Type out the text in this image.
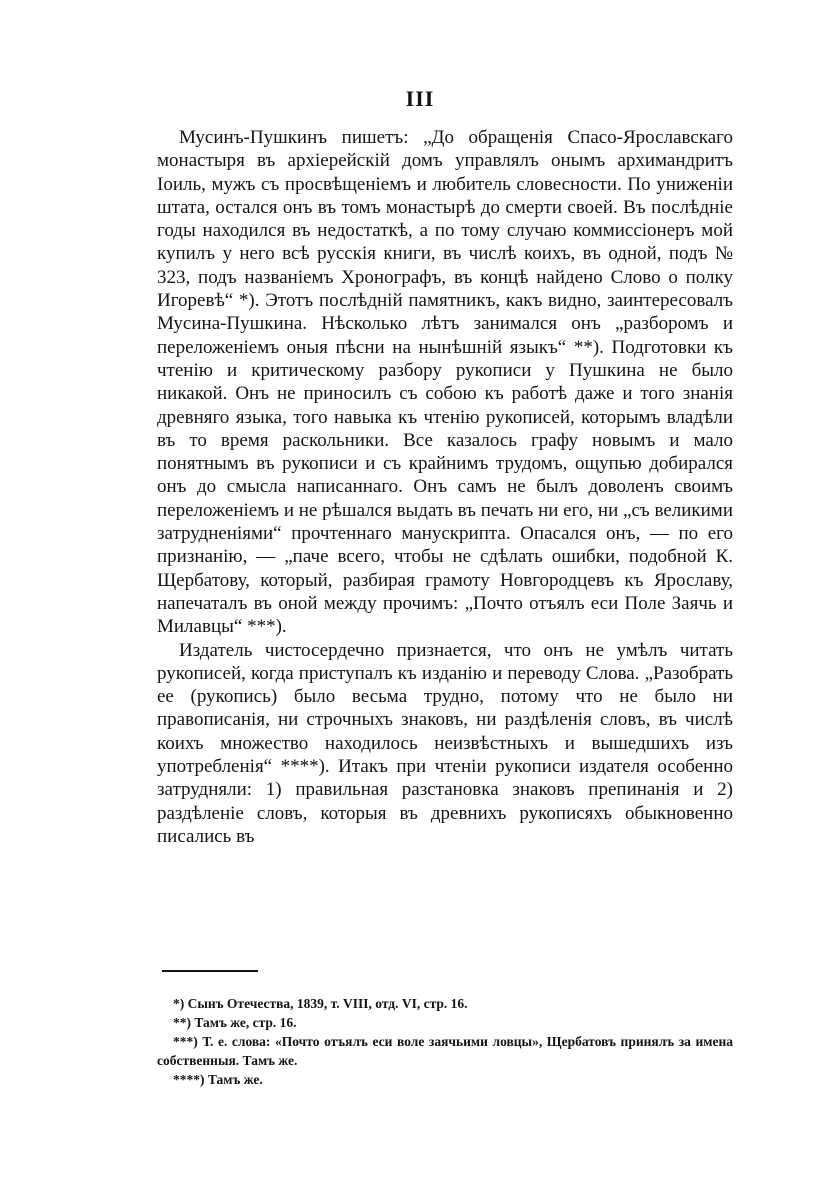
III

Мусинъ-Пушкинъ пишетъ: „До обращенія Спасо-Ярославскаго монастыря въ архіерейскій домъ управлялъ онымъ архимандритъ Іоиль, мужъ съ просвѣщеніемъ и любитель словесности. По униженіи штата, остался онъ въ томъ монастырѣ до смерти своей. Въ послѣдніе годы находился въ недостаткѣ, а по тому случаю коммиссіонеръ мой купилъ у него всѣ русскія книги, въ числѣ коихъ, въ одной, подъ № 323, подъ названіемъ Хронографъ, въ концѣ найдено Слово о полку Игоревѣ“ *). Этотъ послѣдній памятникъ, какъ видно, заинтересовалъ Мусина-Пушкина. Нѣсколько лѣтъ занимался онъ „разборомъ и переложеніемъ оныя пѣсни на нынѣшній языкъ“ **). Подготовки къ чтенію и критическому разбору рукописи у Пушкина не было никакой. Онъ не приносилъ съ собою къ работѣ даже и того знанія древняго языка, того навыка къ чтенію рукописей, которымъ владѣли въ то время раскольники. Все казалось графу новымъ и мало понятнымъ въ рукописи и съ крайнимъ трудомъ, ощупью добирался онъ до смысла написаннаго. Онъ самъ не былъ доволенъ своимъ переложеніемъ и не рѣшался выдать въ печать ни его, ни „съ великими затрудненіями“ прочтеннаго манускрипта. Опасался онъ, — по его признанію, — „паче всего, чтобы не сдѣлать ошибки, подобной К. Щербатову, который, разбирая грамоту Новгородцевъ къ Ярославу, напечаталъ въ оной между прочимъ: „Почто отъялъ еси Поле Заячь и Милавцы“ ***).

Издатель чистосердечно признается, что онъ не умѣлъ читать рукописей, когда приступалъ къ изданію и переводу Слова. „Разобрать ее (рукопись) было весьма трудно, потому что не было ни правописанія, ни строчныхъ знаковъ, ни раздѣленія словъ, въ числѣ коихъ множество находилось неизвѣстныхъ и вышедшихъ изъ употребленія“ ****). Итакъ при чтеніи рукописи издателя особенно затрудняли: 1) правильная разстановка знаковъ препинанія и 2) раздѣленіе словъ, которыя въ древнихъ рукописяхъ обыкновенно писались въ

*) Сынъ Отечества, 1839, т. VIII, отд. VI, стр. 16.

**) Тамъ же, стр. 16.

***) Т. е. слова: «Почто отъялъ еси воле заячьими ловцы», Щербатовъ принялъ за имена собственныя. Тамъ же.

****) Тамъ же.
